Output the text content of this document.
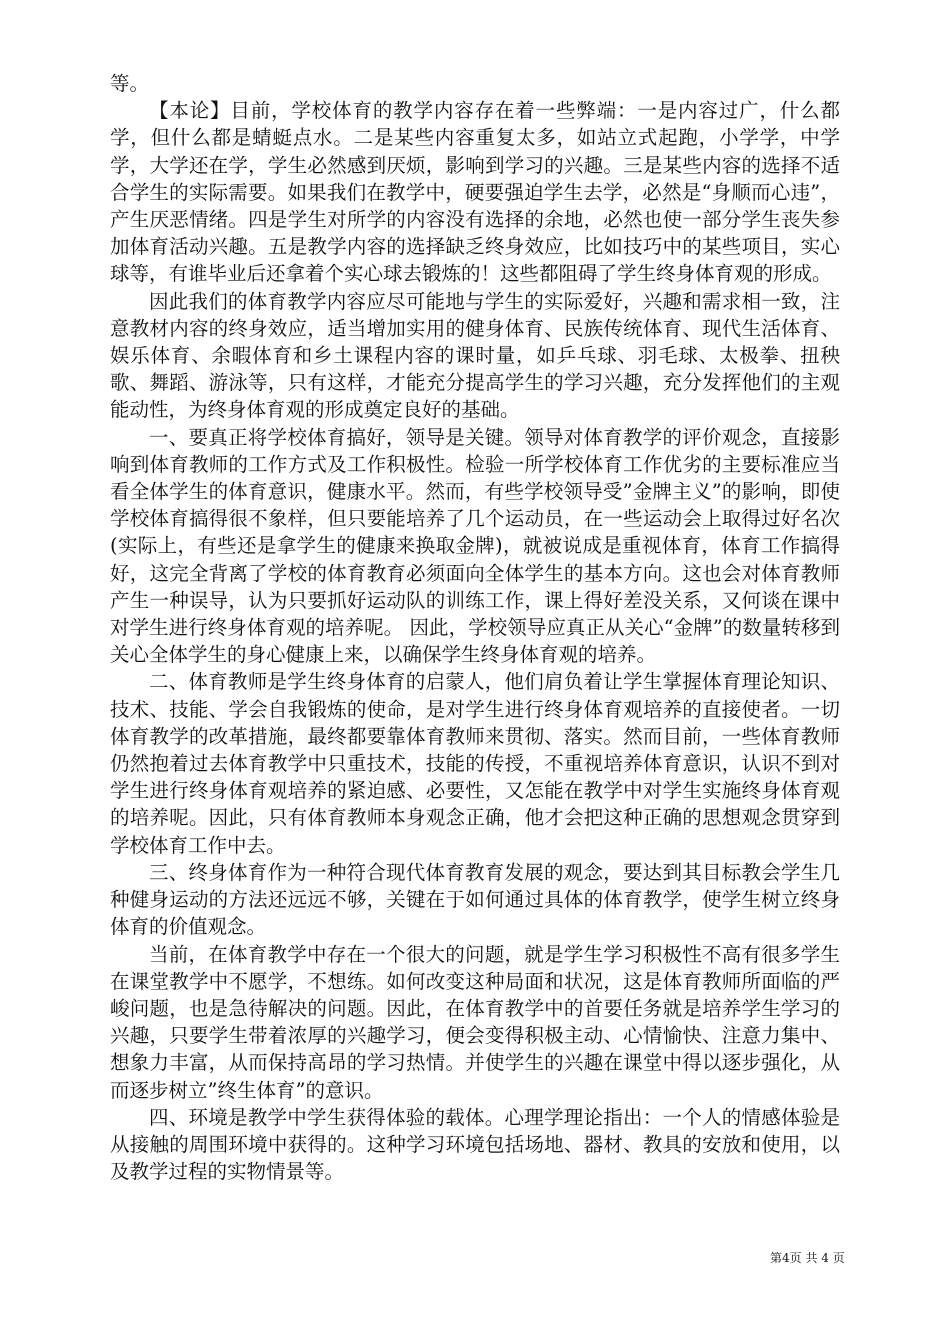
等。

【本论】目前，学校体育的教学内容存在着一些弊端：一是内容过广，什么都学，但什么都是蜻蜓点水。二是某些内容重复太多，如站立式起跑，小学学，中学学，大学还在学，学生必然感到厌烦，影响到学习的兴趣。三是某些内容的选择不适合学生的实际需要。如果我们在教学中，硬要强迫学生去学，必然是“身顺而心违”，产生厌恶情绪。四是学生对所学的内容没有选择的余地，必然也使一部分学生丧失参加体育活动兴趣。五是教学内容的选择缺乏终身效应，比如技巧中的某些项目，实心球等，有谁毕业后还拿着个实心球去锻炼的！这些都阻碍了学生终身体育观的形成。

因此我们的体育教学内容应尽可能地与学生的实际爱好，兴趣和需求相一致，注意教材内容的终身效应，适当增加实用的健身体育、民族传统体育、现代生活体育、娱乐体育、余暇体育和乡土课程内容的课时量，如乒乓球、羽毛球、太极拳、扭秧歌、舞蹈、游泳等，只有这样，才能充分提高学生的学习兴趣，充分发挥他们的主观能动性，为终身体育观的形成奠定良好的基础。

一、要真正将学校体育搞好，领导是关键。领导对体育教学的评价观念，直接影响到体育教师的工作方式及工作积极性。检验一所学校体育工作优劣的主要标准应当看全体学生的体育意识，健康水平。然而，有些学校领导受”金牌主义”的影响，即使学校体育搞得很不象样，但只要能培养了几个运动员，在一些运动会上取得过好名次(实际上，有些还是拿学生的健康来换取金牌)，就被说成是重视体育，体育工作搞得好，这完全背离了学校的体育教育必须面向全体学生的基本方向。这也会对体育教师产生一种误导，认为只要抓好运动队的训练工作，课上得好差没关系，又何谈在课中对学生进行终身体育观的培养呢。 因此，学校领导应真正从关心“金牌”的数量转移到关心全体学生的身心健康上来，以确保学生终身体育观的培养。

二、体育教师是学生终身体育的启蒙人，他们肩负着让学生掌握体育理论知识、技术、技能、学会自我锻炼的使命，是对学生进行终身体育观培养的直接使者。一切体育教学的改革措施，最终都要靠体育教师来贯彻、落实。然而目前，一些体育教师仍然抱着过去体育教学中只重技术，技能的传授，不重视培养体育意识，认识不到对学生进行终身体育观培养的紧迫感、必要性，又怎能在教学中对学生实施终身体育观的培养呢。因此，只有体育教师本身观念正确，他才会把这种正确的思想观念贯穿到学校体育工作中去。

三、终身体育作为一种符合现代体育教育发展的观念，要达到其目标教会学生几种健身运动的方法还远远不够，关键在于如何通过具体的体育教学，使学生树立终身体育的价值观念。

当前，在体育教学中存在一个很大的问题，就是学生学习积极性不高有很多学生在课堂教学中不愿学，不想练。如何改变这种局面和状况，这是体育教师所面临的严峻问题，也是急待解决的问题。因此，在体育教学中的首要任务就是培养学生学习的兴趣，只要学生带着浓厚的兴趣学习，便会变得积极主动、心情愉快、注意力集中、想象力丰富，从而保持高昂的学习热情。并使学生的兴趣在课堂中得以逐步强化，从而逐步树立”终生体育”的意识。

四、环境是教学中学生获得体验的载体。心理学理论指出：一个人的情感体验是从接触的周围环境中获得的。这种学习环境包括场地、器材、教具的安放和使用，以及教学过程的实物情景等。

第4页 共 4 页
